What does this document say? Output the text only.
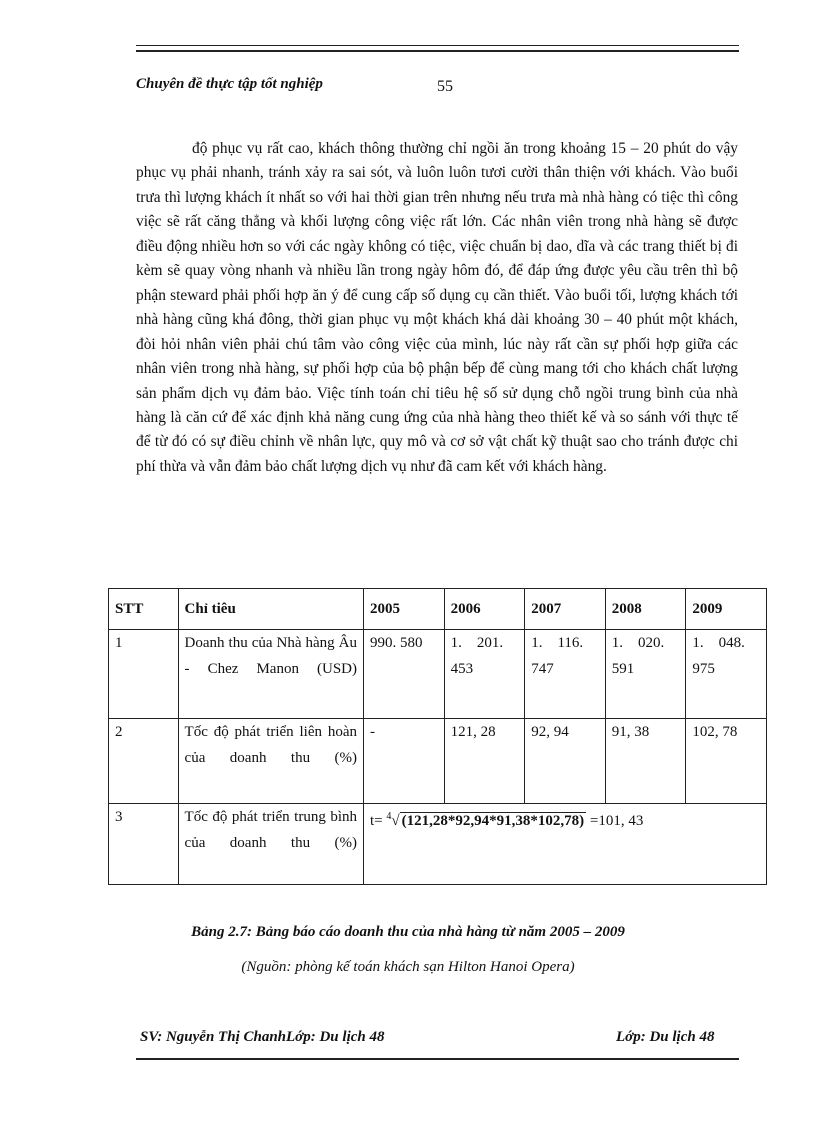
Chuyên đề thực tập tốt nghiệp	55

độ phục vụ rất cao, khách thông thường chỉ ngồi ăn trong khoảng 15 – 20 phút do vậy phục vụ phải nhanh, tránh xảy ra sai sót, và luôn luôn tươi cười thân thiện với khách. Vào buổi trưa thì lượng khách ít nhất so với hai thời gian trên nhưng nếu trưa mà nhà hàng có tiệc thì công việc sẽ rất căng thẳng và khối lượng công việc rất lớn. Các nhân viên trong nhà hàng sẽ được điều động nhiều hơn so với các ngày không có tiệc, việc chuẩn bị dao, dĩa và các trang thiết bị đi kèm sẽ quay vòng nhanh và nhiều lần trong ngày hôm đó, để đáp ứng được yêu cầu trên thì bộ phận steward phải phối hợp ăn ý để cung cấp số dụng cụ cần thiết. Vào buổi tối, lượng khách tới nhà hàng cũng khá đông, thời gian phục vụ một khách khá dài khoảng 30 – 40 phút một khách, đòi hỏi nhân viên phải chú tâm vào công việc của mình, lúc này rất cần sự phối hợp giữa các nhân viên trong nhà hàng, sự phối hợp của bộ phận bếp để cùng mang tới cho khách chất lượng sản phẩm dịch vụ đảm bảo. Việc tính toán chỉ tiêu hệ số sử dụng chỗ ngồi trung bình của nhà hàng là căn cứ để xác định khả năng cung ứng của nhà hàng theo thiết kế và so sánh với thực tế để từ đó có sự điều chỉnh về nhân lực, quy mô và cơ sở vật chất kỹ thuật sao cho tránh được chi phí thừa và vẫn đảm bảo chất lượng dịch vụ như đã cam kết với khách hàng.

STT	Chỉ tiêu	2005	2006	2007	2008	2009
1	Doanh thu của Nhà hàng Âu - Chez Manon (USD)	990. 580	1.    201. 453	1.    116. 747	1.    020. 591	1.    048. 975
2	Tốc độ phát triển liên hoàn của doanh thu (%)	-	121, 28	92, 94	91, 38	102, 78
3	Tốc độ phát triển trung bình của doanh thu (%)	t= $^4$√ (121,28*92,94*91,38*102,78) =101, 43				
Bảng 2.7: Bảng báo cáo doanh thu của nhà hàng từ năm 2005 – 2009
(Nguồn: phòng kế toán khách sạn Hilton Hanoi Opera)
SV: Nguyễn Thị ChanhLớp: Du lịch 48	Lớp: Du lịch 48
